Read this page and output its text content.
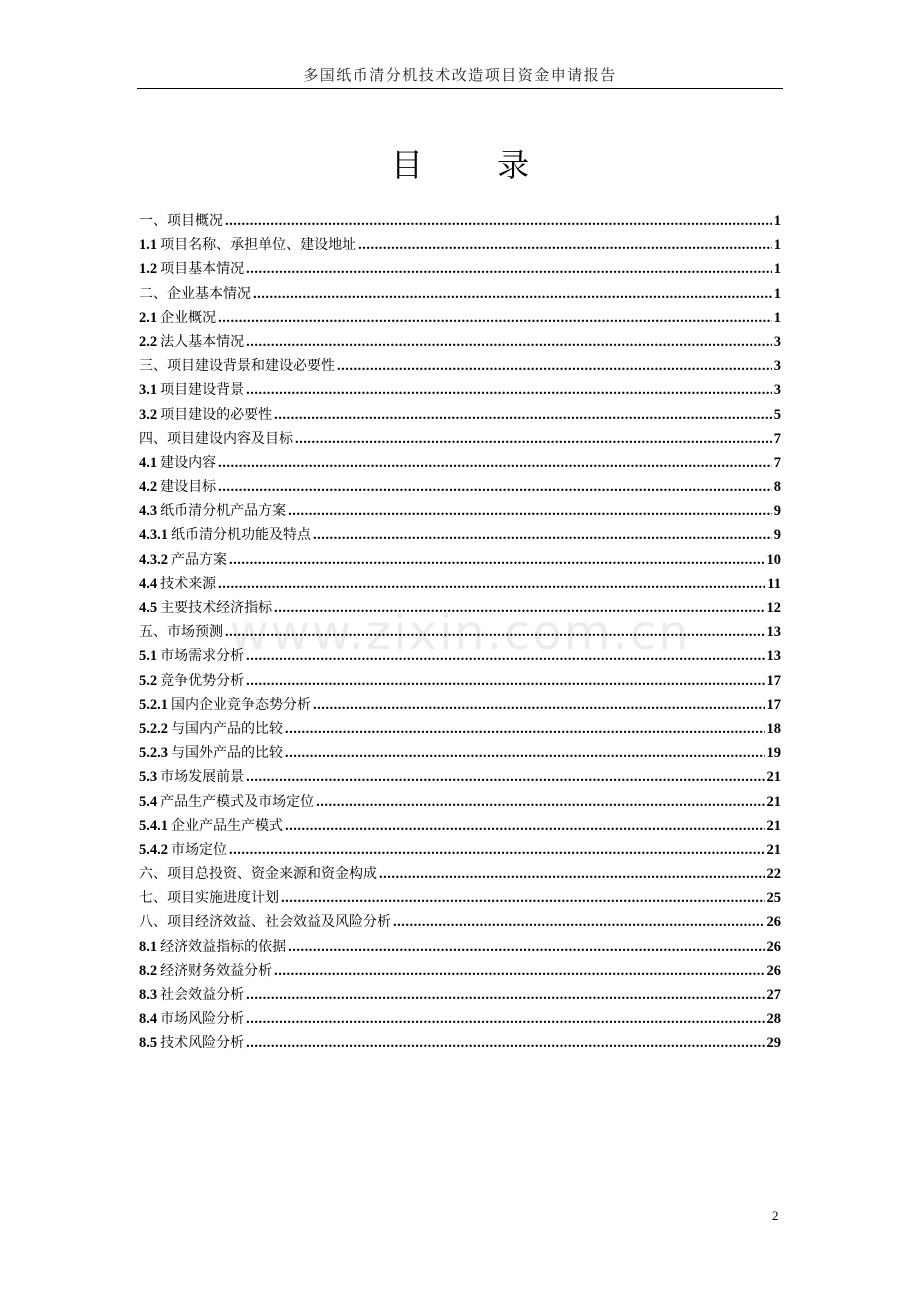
多国纸币清分机技术改造项目资金申请报告
目 录
www.zixin.com.cn
一、项目概况 .....	1
1.1 项目名称、承担单位、建设地址 .....	1
1.2 项目基本情况 .....	1
二、企业基本情况 .....	1
2.1 企业概况 .....	1
2.2 法人基本情况 .....	3
三、项目建设背景和建设必要性 .....	3
3.1 项目建设背景 .....	3
3.2 项目建设的必要性 .....	5
四、项目建设内容及目标 .....	7
4.1 建设内容 .....	7
4.2 建设目标 .....	8
4.3 纸币清分机产品方案 .....	9
4.3.1 纸币清分机功能及特点 .....	9
4.3.2 产品方案 .....	10
4.4 技术来源 .....	11
4.5 主要技术经济指标 .....	12
五、市场预测 .....	13
5.1 市场需求分析 .....	13
5.2 竞争优势分析 .....	17
5.2.1 国内企业竞争态势分析 .....	17
5.2.2 与国内产品的比较 .....	18
5.2.3 与国外产品的比较 .....	19
5.3 市场发展前景 .....	21
5.4 产品生产模式及市场定位 .....	21
5.4.1 企业产品生产模式 .....	21
5.4.2 市场定位 .....	21
六、项目总投资、资金来源和资金构成 .....	22
七、项目实施进度计划 .....	25
八、项目经济效益、社会效益及风险分析 .....	26
8.1 经济效益指标的依据 .....	26
8.2 经济财务效益分析 .....	26
8.3 社会效益分析 .....	27
8.4 市场风险分析 .....	28
8.5 技术风险分析 .....	29
2
